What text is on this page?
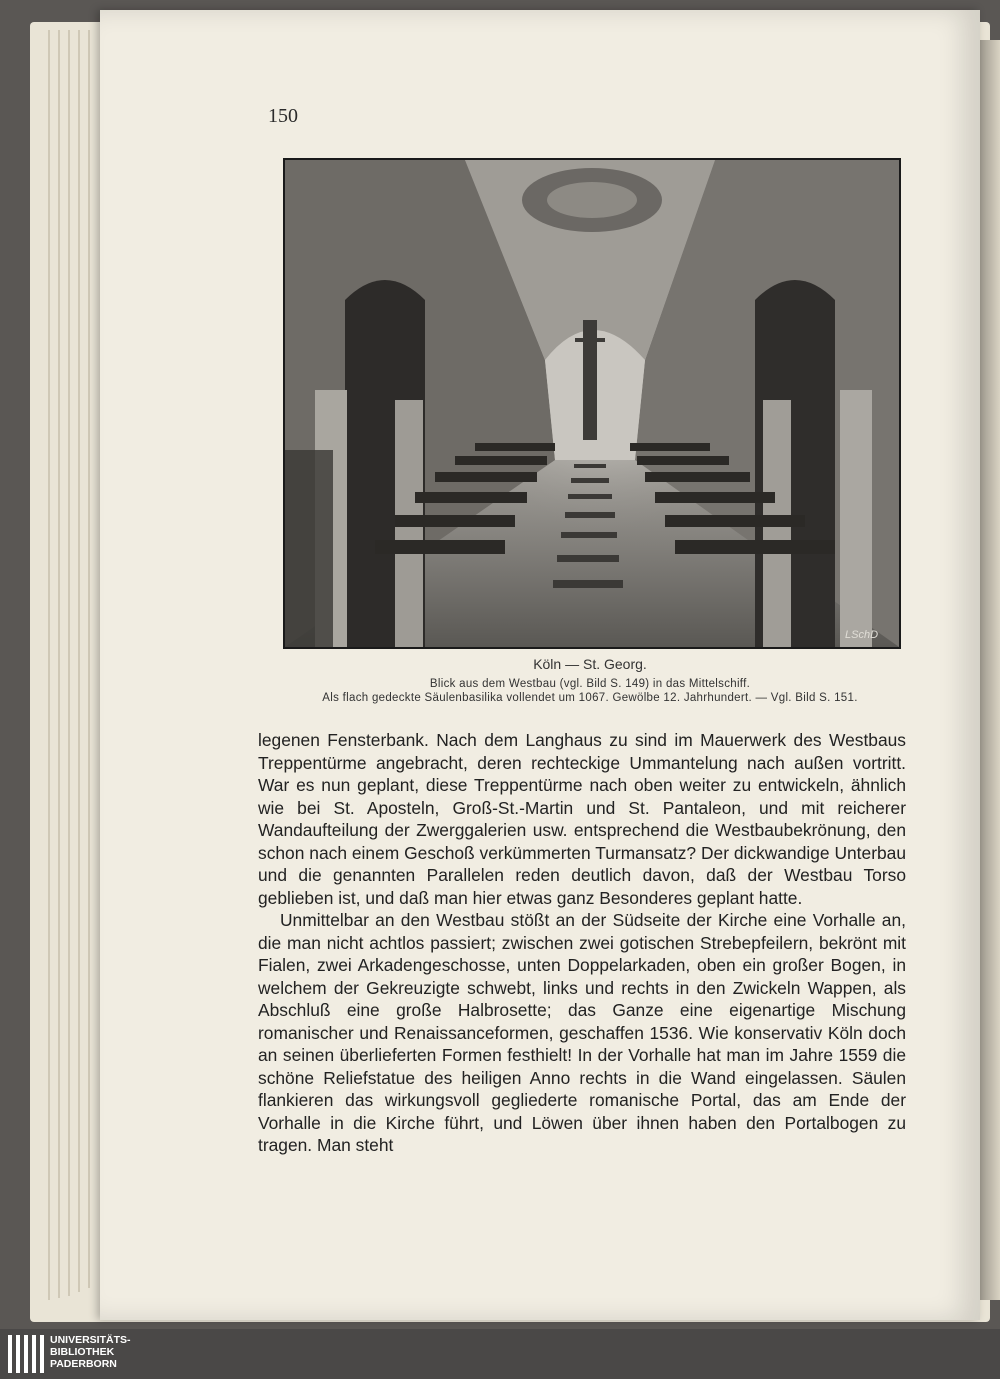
150
LSchD
Köln — St. Georg.
Blick aus dem Westbau (vgl. Bild S. 149) in das Mittelschiff.
Als flach gedeckte Säulenbasilika vollendet um 1067. Gewölbe 12. Jahrhundert. — Vgl. Bild S. 151.

legenen Fensterbank. Nach dem Langhaus zu sind im Mauerwerk des Westbaus Treppentürme angebracht, deren rechteckige Ummantelung nach außen vortritt. War es nun geplant, diese Treppentürme nach oben weiter zu entwickeln, ähnlich wie bei St. Aposteln, Groß-St.-Martin und St. Pantaleon, und mit reicherer Wandaufteilung der Zwerggalerien usw. entsprechend die Westbaubekrönung, den schon nach einem Geschoß verkümmerten Turmansatz? Der dickwandige Unterbau und die genannten Parallelen reden deutlich davon, daß der Westbau Torso geblieben ist, und daß man hier etwas ganz Besonderes geplant hatte.

Unmittelbar an den Westbau stößt an der Südseite der Kirche eine Vorhalle an, die man nicht achtlos passiert; zwischen zwei gotischen Strebepfeilern, bekrönt mit Fialen, zwei Arkadengeschosse, unten Doppelarkaden, oben ein großer Bogen, in welchem der Gekreuzigte schwebt, links und rechts in den Zwickeln Wappen, als Abschluß eine große Halbrosette; das Ganze eine eigenartige Mischung romanischer und Renaissanceformen, geschaffen 1536. Wie konservativ Köln doch an seinen überlieferten Formen festhielt! In der Vorhalle hat man im Jahre 1559 die schöne Reliefstatue des heiligen Anno rechts in die Wand eingelassen. Säulen flankieren das wirkungsvoll gegliederte romanische Portal, das am Ende der Vorhalle in die Kirche führt, und Löwen über ihnen haben den Portalbogen zu tragen. Man steht

UNIVERSITÄTS-
BIBLIOTHEK
PADERBORN
